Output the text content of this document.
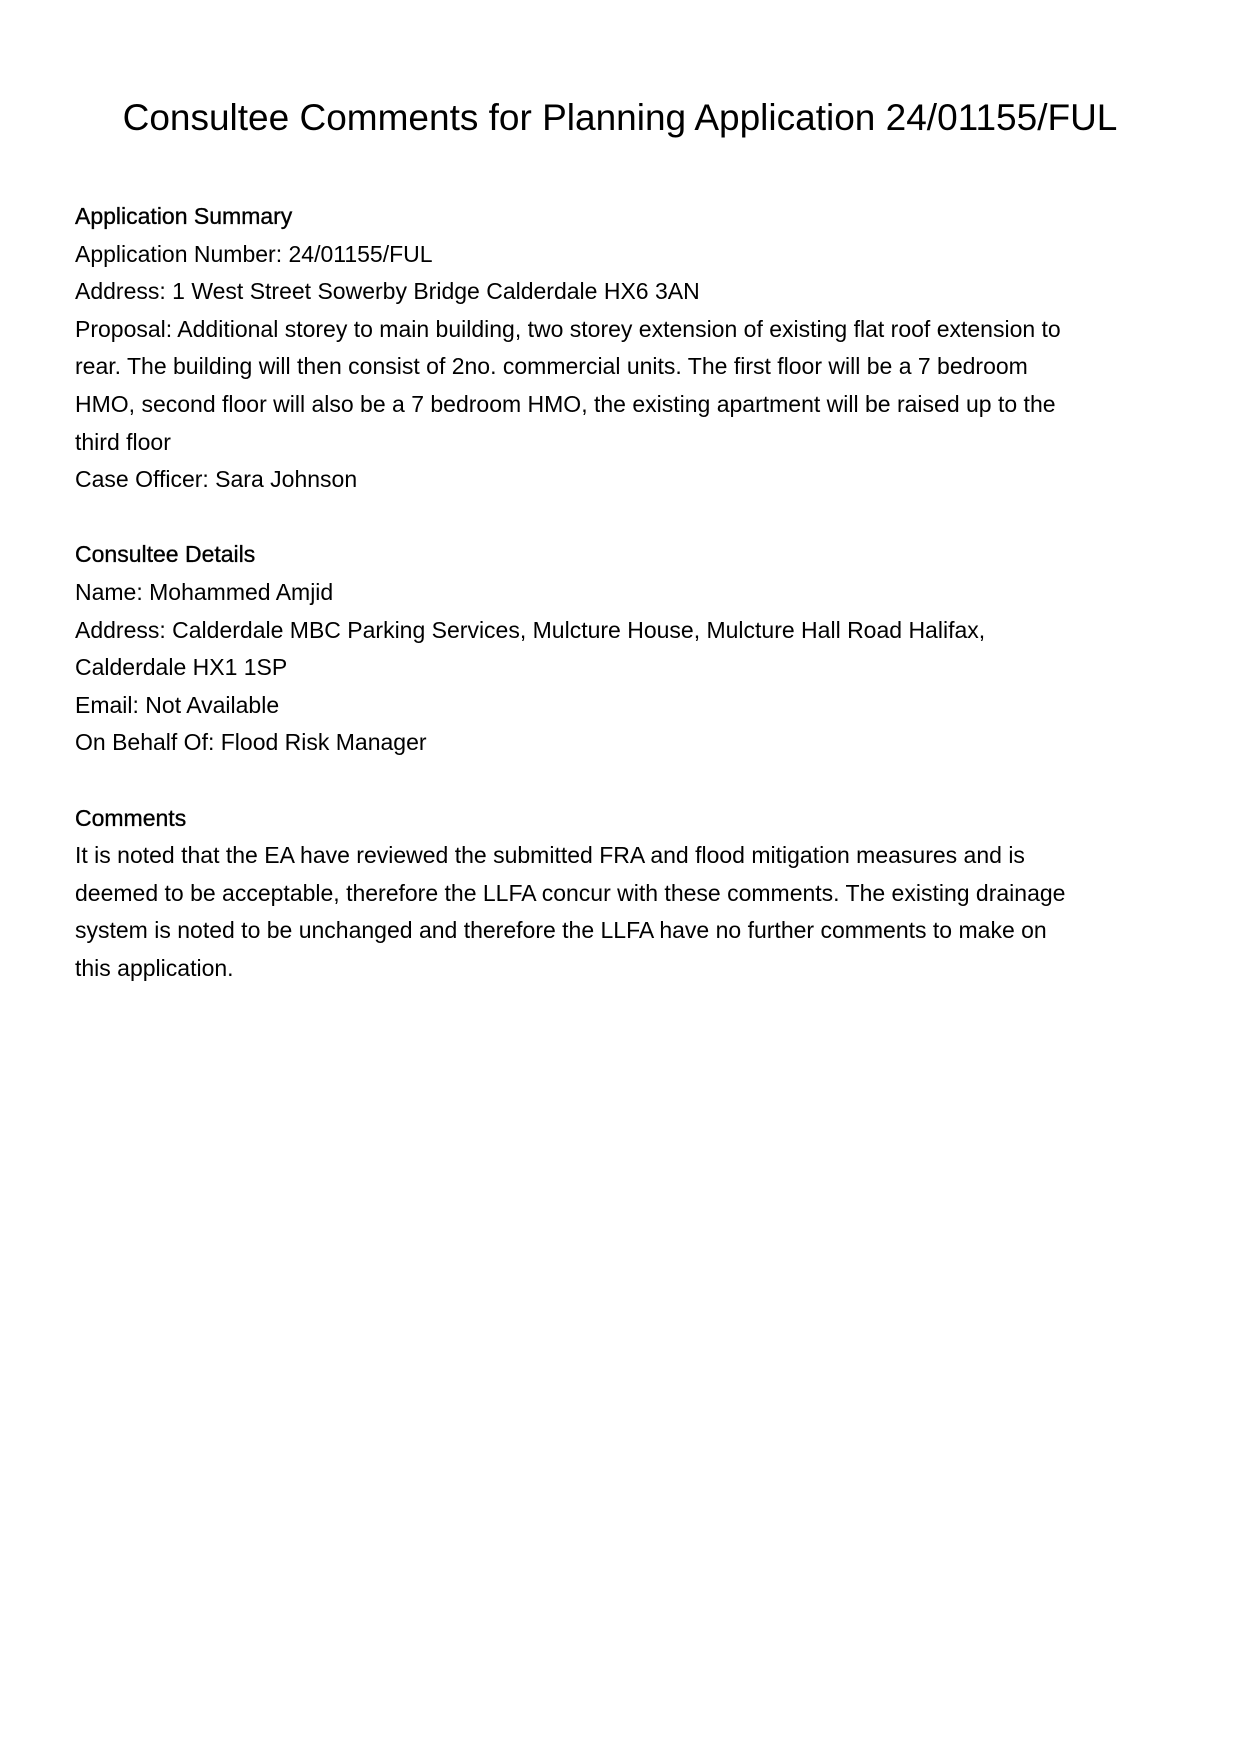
Consultee Comments for Planning Application 24/01155/FUL

Application Summary

Application Number: 24/01155/FUL

Address: 1 West Street Sowerby Bridge Calderdale HX6 3AN

Proposal: Additional storey to main building, two storey extension of existing flat roof extension to

rear. The building will then consist of 2no. commercial units. The first floor will be a 7 bedroom

HMO, second floor will also be a 7 bedroom HMO, the existing apartment will be raised up to the

third floor

Case Officer: Sara Johnson

Consultee Details

Name: Mohammed Amjid

Address: Calderdale MBC Parking Services, Mulcture House, Mulcture Hall Road Halifax,

Calderdale HX1 1SP

Email: Not Available

On Behalf Of: Flood Risk Manager

Comments

It is noted that the EA have reviewed the submitted FRA and flood mitigation measures and is

deemed to be acceptable, therefore the LLFA concur with these comments. The existing drainage

system is noted to be unchanged and therefore the LLFA have no further comments to make on

this application.
